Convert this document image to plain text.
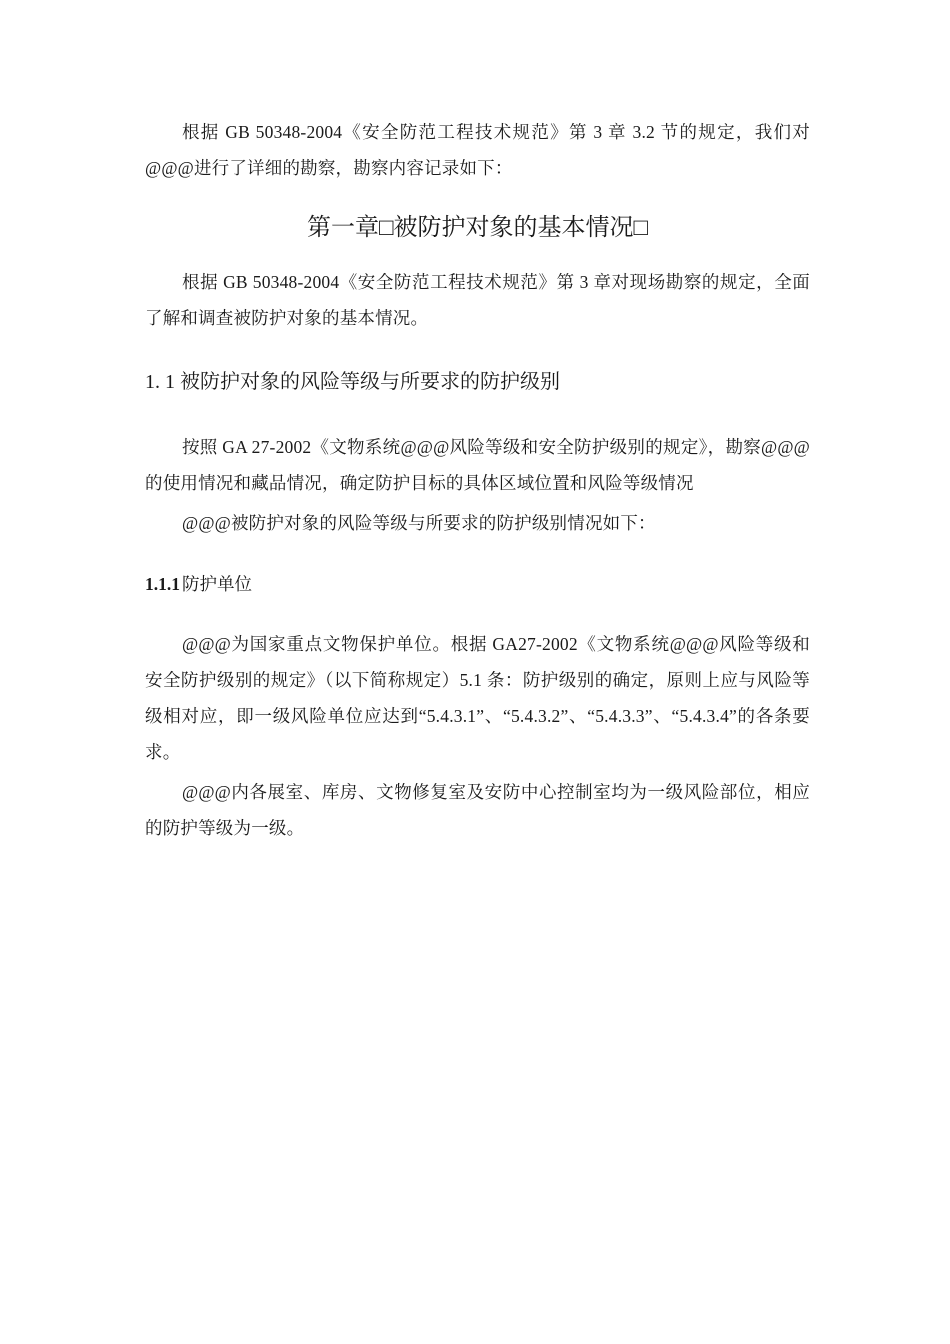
根据 GB 50348-2004《安全防范工程技术规范》第 3 章 3.2 节的规定，我们对@@@进行了详细的勘察，勘察内容记录如下：

第一章□被防护对象的基本情况□

根据 GB 50348-2004《安全防范工程技术规范》第 3 章对现场勘察的规定，全面了解和调查被防护对象的基本情况。

1. 1 被防护对象的风险等级与所要求的防护级别

按照 GA 27-2002《文物系统@@@风险等级和安全防护级别的规定》，勘察@@@的使用情况和藏品情况，确定防护目标的具体区域位置和风险等级情况

@@@被防护对象的风险等级与所要求的防护级别情况如下：

1.1.1 防护单位

@@@为国家重点文物保护单位。根据 GA27-2002《文物系统@@@风险等级和安全防护级别的规定》（以下简称规定）5.1 条：防护级别的确定，原则上应与风险等级相对应，即一级风险单位应达到“5.4.3.1”、“5.4.3.2”、“5.4.3.3”、“5.4.3.4”的各条要求。

@@@内各展室、库房、文物修复室及安防中心控制室均为一级风险部位，相应的防护等级为一级。
